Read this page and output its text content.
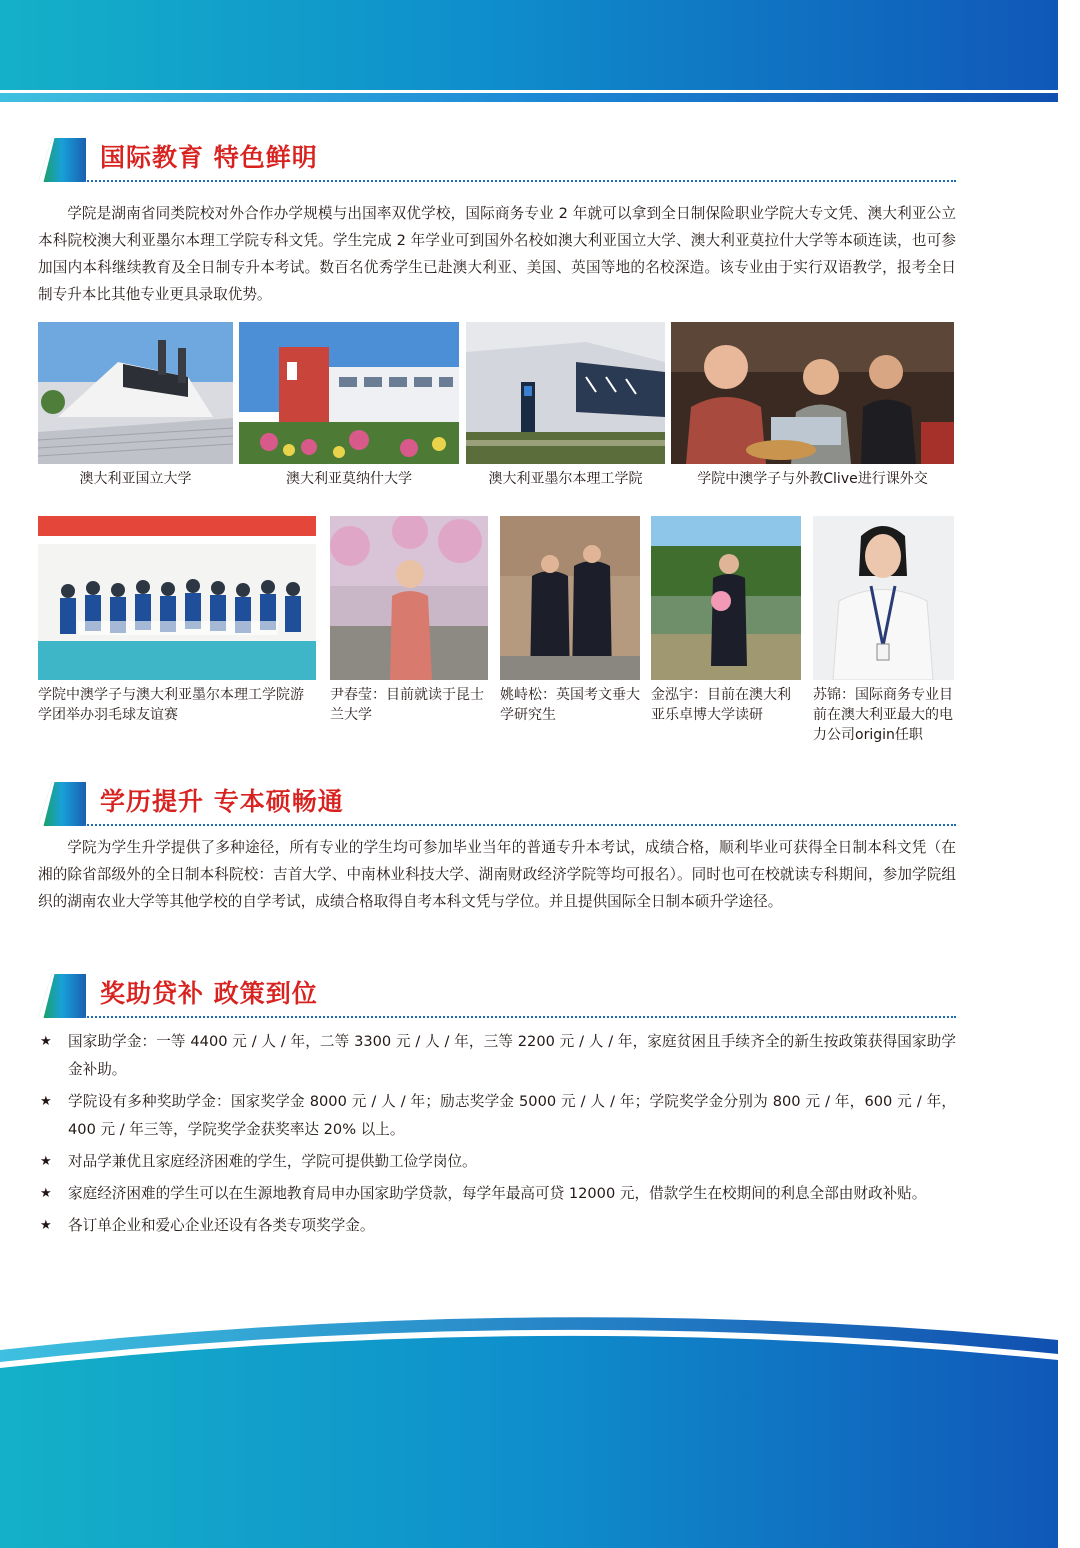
国际教育 特色鲜明

学院是湖南省同类院校对外合作办学规模与出国率双优学校，国际商务专业 2 年就可以拿到全日制保险职业学院大专文凭、澳大利亚公立本科院校澳大利亚墨尔本理工学院专科文凭。学生完成 2 年学业可到国外名校如澳大利亚国立大学、澳大利亚莫拉什大学等本硕连读，也可参加国内本科继续教育及全日制专升本考试。数百名优秀学生已赴澳大利亚、美国、英国等地的名校深造。该专业由于实行双语教学，报考全日制专升本比其他专业更具录取优势。

澳大利亚国立大学	澳大利亚莫纳什大学	澳大利亚墨尔本理工学院	学院中澳学子与外教Clive进行课外交
学院中澳学子与澳大利亚墨尔本理工学院游学团举办羽毛球友谊赛
尹春莹：目前就读于昆士兰大学
姚峙松：英国考文垂大学研究生
金泓宇：目前在澳大利亚乐卓博大学读研
苏锦：国际商务专业目前在澳大利亚最大的电力公司origin任职
学历提升 专本硕畅通

学院为学生升学提供了多种途径，所有专业的学生均可参加毕业当年的普通专升本考试，成绩合格，顺利毕业可获得全日制本科文凭（在湘的除省部级外的全日制本科院校：吉首大学、中南林业科技大学、湖南财政经济学院等均可报名）。同时也可在校就读专科期间，参加学院组织的湖南农业大学等其他学校的自学考试，成绩合格取得自考本科文凭与学位。并且提供国际全日制本硕升学途径。

奖助贷补 政策到位
★ 国家助学金：一等 4400 元 / 人 / 年，二等 3300 元 / 人 / 年，三等 2200 元 / 人 / 年，家庭贫困且手续齐全的新生按政策获得国家助学金补助。
★ 学院设有多种奖助学金：国家奖学金 8000 元 / 人 / 年；励志奖学金 5000 元 / 人 / 年；学院奖学金分别为 800 元 / 年，600 元 / 年，400 元 / 年三等，学院奖学金获奖率达 20% 以上。
★ 对品学兼优且家庭经济困难的学生，学院可提供勤工俭学岗位。
★ 家庭经济困难的学生可以在生源地教育局申办国家助学贷款，每学年最高可贷 12000 元，借款学生在校期间的利息全部由财政补贴。
★ 各订单企业和爱心企业还设有各类专项奖学金。
